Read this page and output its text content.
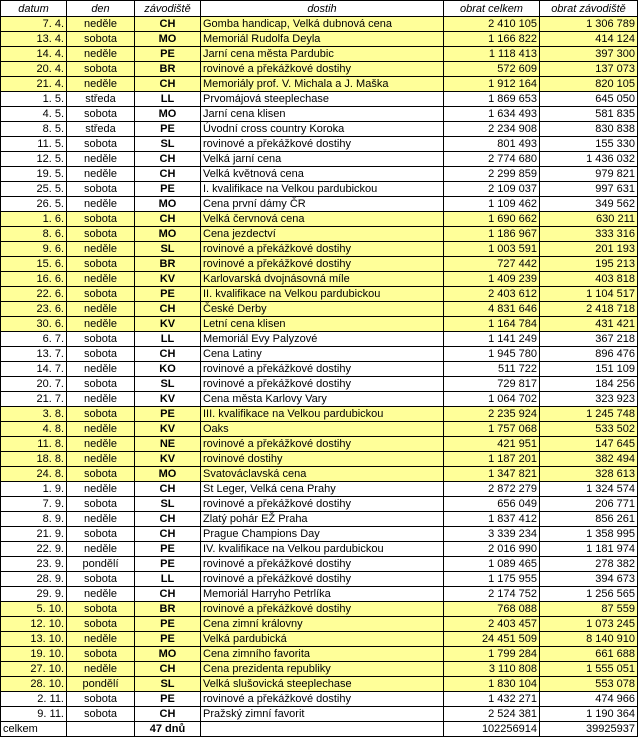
datum	den	závodiště	dostih	obrat celkem	obrat závodiště
7. 4.	neděle	CH	Gomba handicap, Velká dubnová cena	2 410 105	1 306 789
13. 4.	sobota	MO	Memoriál Rudolfa Deyla	1 166 822	414 124
14. 4.	neděle	PE	Jarní cena města Pardubic	1 118 413	397 300
20. 4.	sobota	BR	rovinové a překážkové dostihy	572 609	137 073
21. 4.	neděle	CH	Memoriály prof. V. Michala a J. Maška	1 912 164	820 105
1. 5.	středa	LL	Prvomájová steeplechase	1 869 653	645 050
4. 5.	sobota	MO	Jarní cena klisen	1 634 493	581 835
8. 5.	středa	PE	Úvodní cross country Koroka	2 234 908	830 838
11. 5.	sobota	SL	rovinové a překážkové dostihy	801 493	155 330
12. 5.	neděle	CH	Velká jarní cena	2 774 680	1 436 032
19. 5.	neděle	CH	Velká květnová cena	2 299 859	979 821
25. 5.	sobota	PE	I. kvalifikace na Velkou pardubickou	2 109 037	997 631
26. 5.	neděle	MO	Cena první dámy ČR	1 109 462	349 562
1. 6.	sobota	CH	Velká červnová cena	1 690 662	630 211
8. 6.	sobota	MO	Cena jezdectví	1 186 967	333 316
9. 6.	neděle	SL	rovinové a překážkové dostihy	1 003 591	201 193
15. 6.	sobota	BR	rovinové a překážkové dostihy	727 442	195 213
16. 6.	neděle	KV	Karlovarská dvojnásovná míle	1 409 239	403 818
22. 6.	sobota	PE	II. kvalifikace na Velkou pardubickou	2 403 612	1 104 517
23. 6.	neděle	CH	České Derby	4 831 646	2 418 718
30. 6.	neděle	KV	Letní cena klisen	1 164 784	431 421
6. 7.	sobota	LL	Memoriál Evy Palyzové	1 141 249	367 218
13. 7.	sobota	CH	Cena Latiny	1 945 780	896 476
14. 7.	neděle	KO	rovinové a překážkové dostihy	511 722	151 109
20. 7.	sobota	SL	rovinové a překážkové dostihy	729 817	184 256
21. 7.	neděle	KV	Cena města Karlovy Vary	1 064 702	323 923
3. 8.	sobota	PE	III. kvalifikace na Velkou pardubickou	2 235 924	1 245 748
4. 8.	neděle	KV	Oaks	1 757 068	533 502
11. 8.	neděle	NE	rovinové a překážkové dostihy	421 951	147 645
18. 8.	neděle	KV	rovinové dostihy	1 187 201	382 494
24. 8.	sobota	MO	Svatováclavská cena	1 347 821	328 613
1. 9.	neděle	CH	St Leger, Velká cena Prahy	2 872 279	1 324 574
7. 9.	sobota	SL	rovinové a překážkové dostihy	656 049	206 771
8. 9.	neděle	CH	Zlatý pohár EŽ Praha	1 837 412	856 261
21. 9.	sobota	CH	Prague Champions Day	3 339 234	1 358 995
22. 9.	neděle	PE	IV. kvalifikace na Velkou pardubickou	2 016 990	1 181 974
23. 9.	pondělí	PE	rovinové a překážkové dostihy	1 089 465	278 382
28. 9.	sobota	LL	rovinové a překážkové dostihy	1 175 955	394 673
29. 9.	neděle	CH	Memoriál Harryho Petrlíka	2 174 752	1 256 565
5. 10.	sobota	BR	rovinové a překážkové dostihy	768 088	87 559
12. 10.	sobota	PE	Cena zimní královny	2 403 457	1 073 245
13. 10.	neděle	PE	Velká pardubická	24 451 509	8 140 910
19. 10.	sobota	MO	Cena zimního favorita	1 799 284	661 688
27. 10.	neděle	CH	Cena prezidenta republiky	3 110 808	1 555 051
28. 10.	pondělí	SL	Velká slušovická steeplechase	1 830 104	553 078
2. 11.	sobota	PE	rovinové a překážkové dostihy	1 432 271	474 966
9. 11.	sobota	CH	Pražský zimní favorit	2 524 381	1 190 364
celkem		47 dnů		102256914	39925937
